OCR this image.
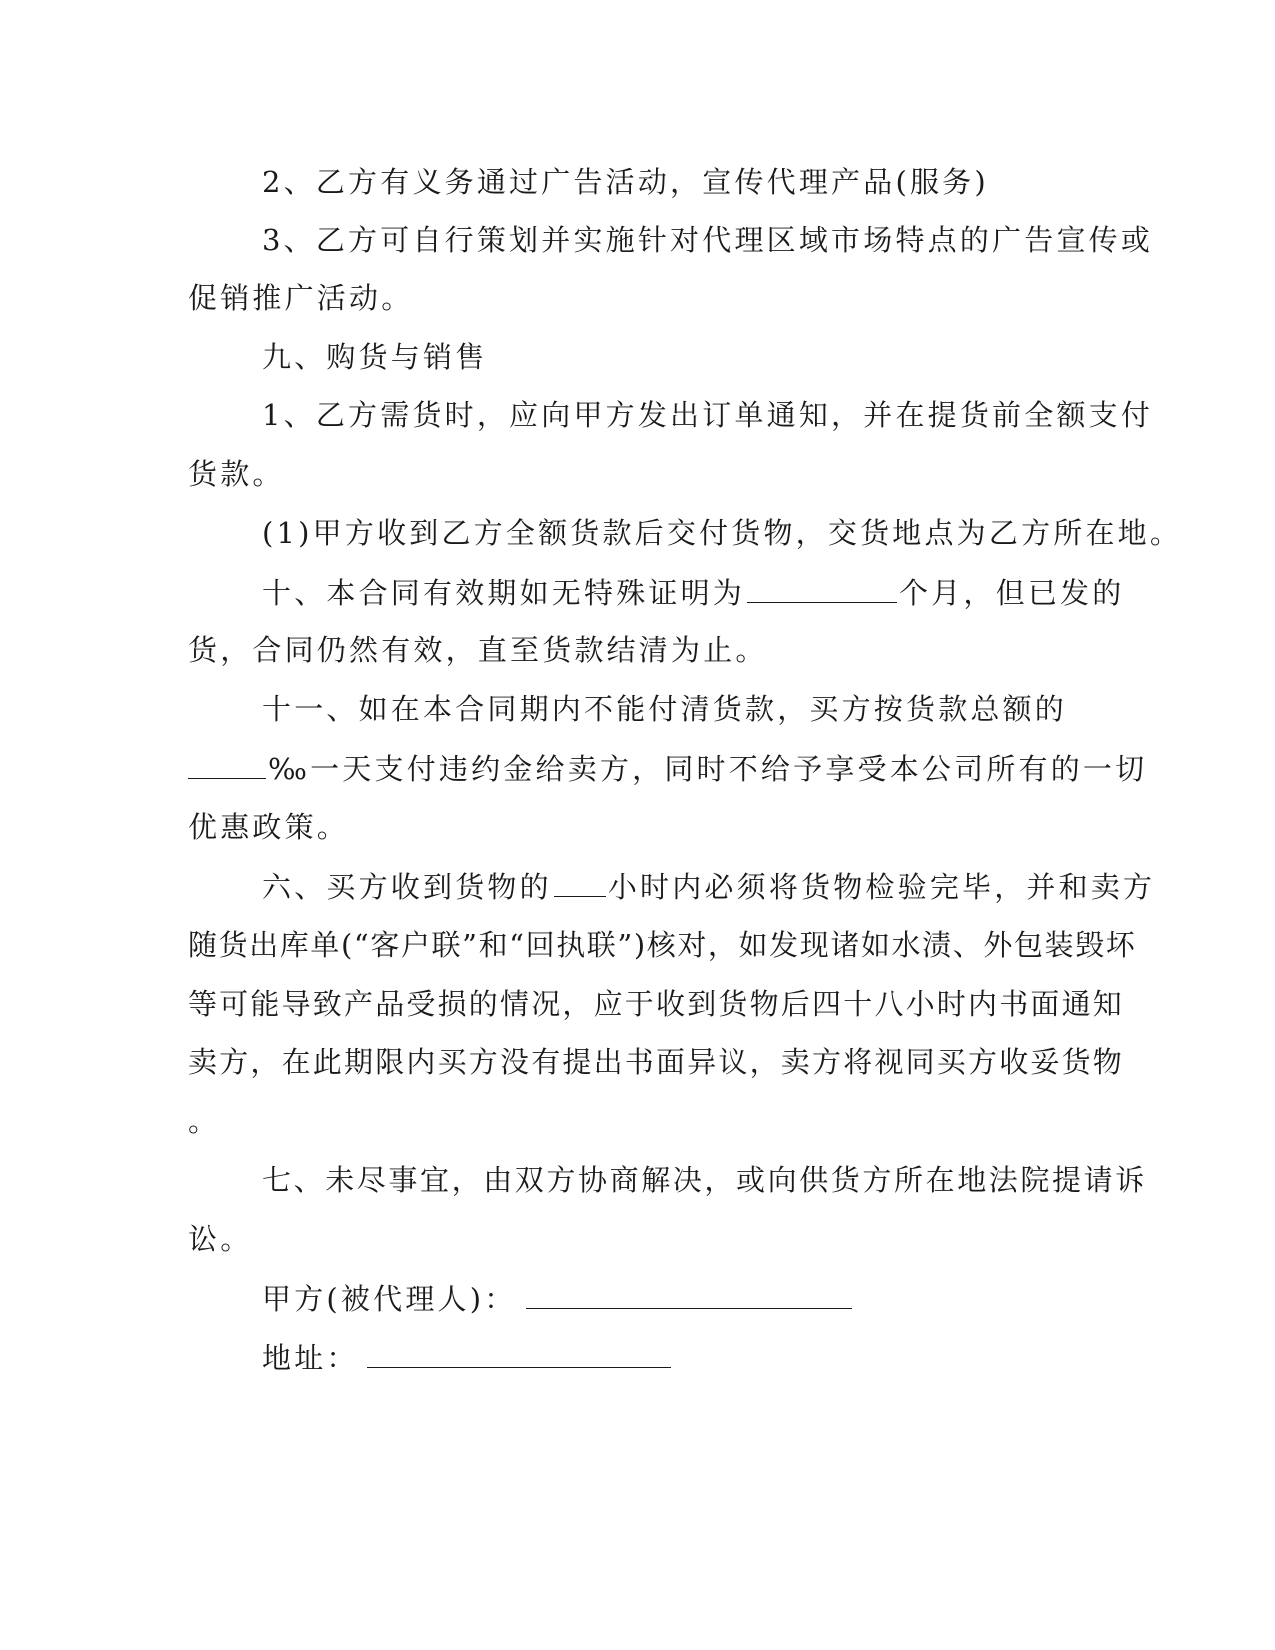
2、乙方有义务通过广告活动，宣传代理产品(服务)
3、乙方可自行策划并实施针对代理区域市场特点的广告宣传或
促销推广活动。
九、购货与销售
1、乙方需货时，应向甲方发出订单通知，并在提货前全额支付
货款。
(1)甲方收到乙方全额货款后交付货物，交货地点为乙方所在地。
十、本合同有效期如无特殊证明为	个月，但已发的
货，合同仍然有效，直至货款结清为止。
十一、如在本合同期内不能付清货款，买方按货款总额的
‰一天支付违约金给卖方，同时不给予享受本公司所有的一切
优惠政策。
六、买方收到货物的 小时内必须将货物检验完毕，并和卖方
随货出库单(“客户联”和“回执联”)核对，如发现诸如水渍、外包装毁坏
等可能导致产品受损的情况，应于收到货物后四十八小时内书面通知
卖方，在此期限内买方没有提出书面异议，卖方将视同买方收妥货物
。
七、未尽事宜，由双方协商解决，或向供货方所在地法院提请诉
讼。
甲方(被代理人)：
地址：
